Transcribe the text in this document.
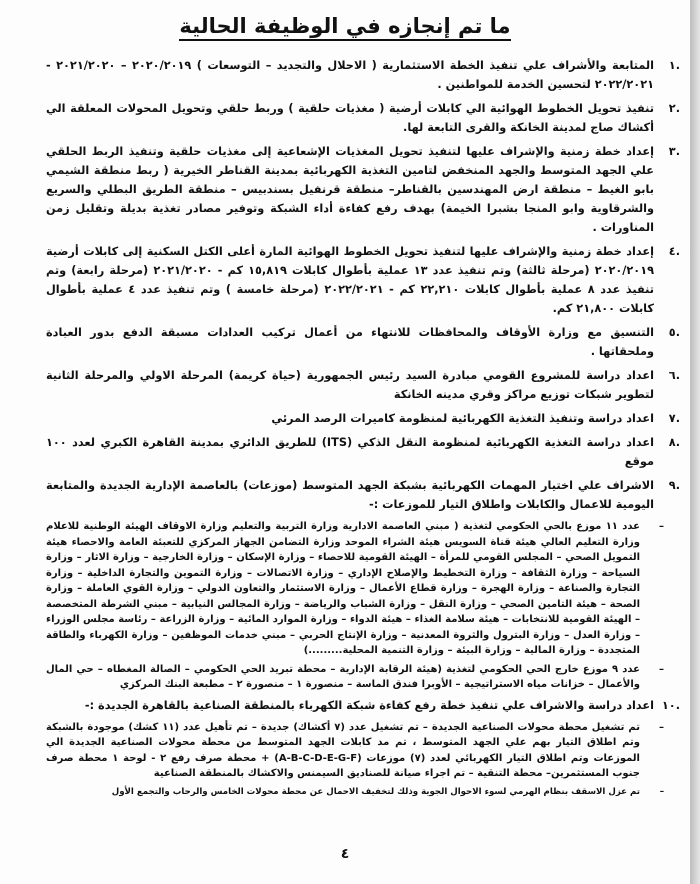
ما تم إنجازه في الوظيفة الحالية
.١
المتابعة والأشراف علي تنفيذ الخطة الاستثمارية ( الاحلال والتجديد – التوسعات ) ٢٠٢٠/٢٠١٩ – ٢٠٢١/٢٠٢٠ - ٢٠٢٢/٢٠٢١ لتحسين الخدمة للمواطنين .
.٢
تنفيذ تحويل الخطوط الهوائية الي كابلات أرضية ( مغذيات حلقية ) وربط حلقي وتحويل المحولات المعلقة الي أكشاك صاج لمدينة الخانكة والقرى التابعة لها.
.٣
إعداد خطة زمنية والإشراف عليها لتنفيذ تحويل المغذيات الإشعاعية إلى مغذيات حلقية وتنفيذ الربط الحلقي علي الجهد المتوسط والجهد المنخفض لتامين التغذية الكهربائية بمدينة القناطر الخيرية ( ربط منطقة الشيمي بابو الغيط – منطقة ارض المهندسين بالقناطر– منطقة قرنفيل بسندبيس – منطقة الطريق البطلي والسريع والشرقاوية وابو المنجا بشبرا الخيمة) بهدف رفع كفاءة أداء الشبكة وتوفير مصادر تغذية بديلة وتقليل زمن المناورات .
.٤
إعداد خطة زمنية والإشراف عليها لتنفيذ تحويل الخطوط الهوائية المارة أعلى الكتل السكنية إلى كابلات أرضية ٢٠٢٠/٢٠١٩ (مرحلة ثالثة) وتم تنفيذ عدد ١٣ عملية بأطوال كابلات ١٥,٨١٩ كم - ٢٠٢١/٢٠٢٠ (مرحلة رابعة) وتم تنفيذ عدد ٨ عملية بأطوال كابلات ٢٢,٢١٠ كم - ٢٠٢٢/٢٠٢١ (مرحلة خامسة ) وتم تنفيذ عدد ٤ عملية بأطوال كابلات ٢١,٨٠٠ كم.
.٥
التنسيق مع وزارة الأوقاف والمحافظات للانتهاء من أعمال تركيب العدادات مسبقة الدفع بدور العبادة وملحقاتها .
.٦
اعداد دراسة للمشروع القومي مبادرة السيد رئيس الجمهورية (حياة كريمة) المرحلة الاولي والمرحلة الثانية لتطوير شبكات توزيع مراكز وقري مدينه الخانكة
.٧
اعداد دراسة وتنفيذ التغذية الكهربائية لمنظومة كاميرات الرصد المرئي
.٨
اعداد دراسة التغذية الكهربائية لمنظومة النقل الذكي (ITS) للطريق الدائري بمدينة القاهرة الكبري لعدد ١٠٠ موقع
.٩
الاشراف علي اختيار المهمات الكهربائية بشبكة الجهد المتوسط (موزعات) بالعاصمة الإدارية الجديدة والمتابعة اليومية للاعمال والكابلات واطلاق التيار للموزعات :-
–
عدد ١١ موزع بالحي الحكومي لتغذية ( مبني العاصمة الادارية وزارة التربية والتعليم وزارة الاوقاف الهيئة الوطنية للاعلام وزارة التعليم العالي هيئة قناة السويس هيئة الشراء الموحد وزارة التضامن الجهاز المركزي للتعبئة العامة والاحصاء هيئة التمويل الصحي – المجلس القومي للمرأة – الهيئة القومية للاحصاء – وزارة الإسكان – وزارة الخارجية – وزارة الاثار – وزارة السياحة – وزارة الثقافة – وزارة التخطيط والإصلاح الإداري – وزارة الاتصالات – وزارة التموين والتجارة الداخلية – وزارة التجارة والصناعة – وزارة الهجرة – وزارة قطاع الأعمال – وزارة الاستثمار والتعاون الدولي – وزارة القوي العاملة – وزارة الصحة – هيئة التامين الصحي – وزارة النقل – وزارة الشباب والرياضة – وزارة المجالس النيابية – مبني الشرطة المتخصصة – الهيئة القومية للانتخابات – هيئة سلامة الغذاء – هيئة الدواء – وزارة الموارد المائية – وزارة الزراعة – رئاسة مجلس الوزراء – وزارة العدل – وزارة البترول والثروة المعدنية – وزارة الإنتاج الحربي – مبني خدمات الموظفين – وزارة الكهرباء والطاقة المتجددة – وزارة المالية – وزارة البيئة – وزارة التنمية المحلية.........)
–
عدد ٩ موزع خارج الحي الحكومي لتغذية (هيئة الرقابة الإدارية – محطة تبريد الحي الحكومي – الصالة المغطاه – حي المال والأعمال – خزانات مياه الاستراتيجية – الأوبرا فندق الماسة – منصورة ١ – منصورة ٢ – مطبعة البنك المركزي
.١٠
اعداد دراسة والاشراف علي تنفيذ خطة رفع كفاءة شبكة الكهرباء بالمنطقة الصناعية بالقاهرة الجديدة :-
–
تم تشغيل محطة محولات الصناعية الجديدة – تم تشغيل عدد (٧ أكشاك) جديدة – تم تأهيل عدد (١١ كشك) موجودة بالشبكة وتم اطلاق التيار بهم علي الجهد المتوسط ، تم مد كابلات الجهد المتوسط من محطة محولات الصناعية الجديدة الي الموزعات وتم اطلاق التيار الكهربائي لعدد (٧) موزعات (A-B-C-D-E-G-F) + محطة صرف رفع ٢ - لوحة ١ محطة صرف جنوب المستثمرين– محطة التنقية – تم اجراء صيانة للصناديق السيمنس والاكشاك بالمنطقة الصناعية
–
تم عزل الاسقف بنظام الهرمي لسوء الاحوال الجوية وذلك لتخفيف الاحمال عن محطة محولات الخامس والرحاب والتجمع الأول
٤
